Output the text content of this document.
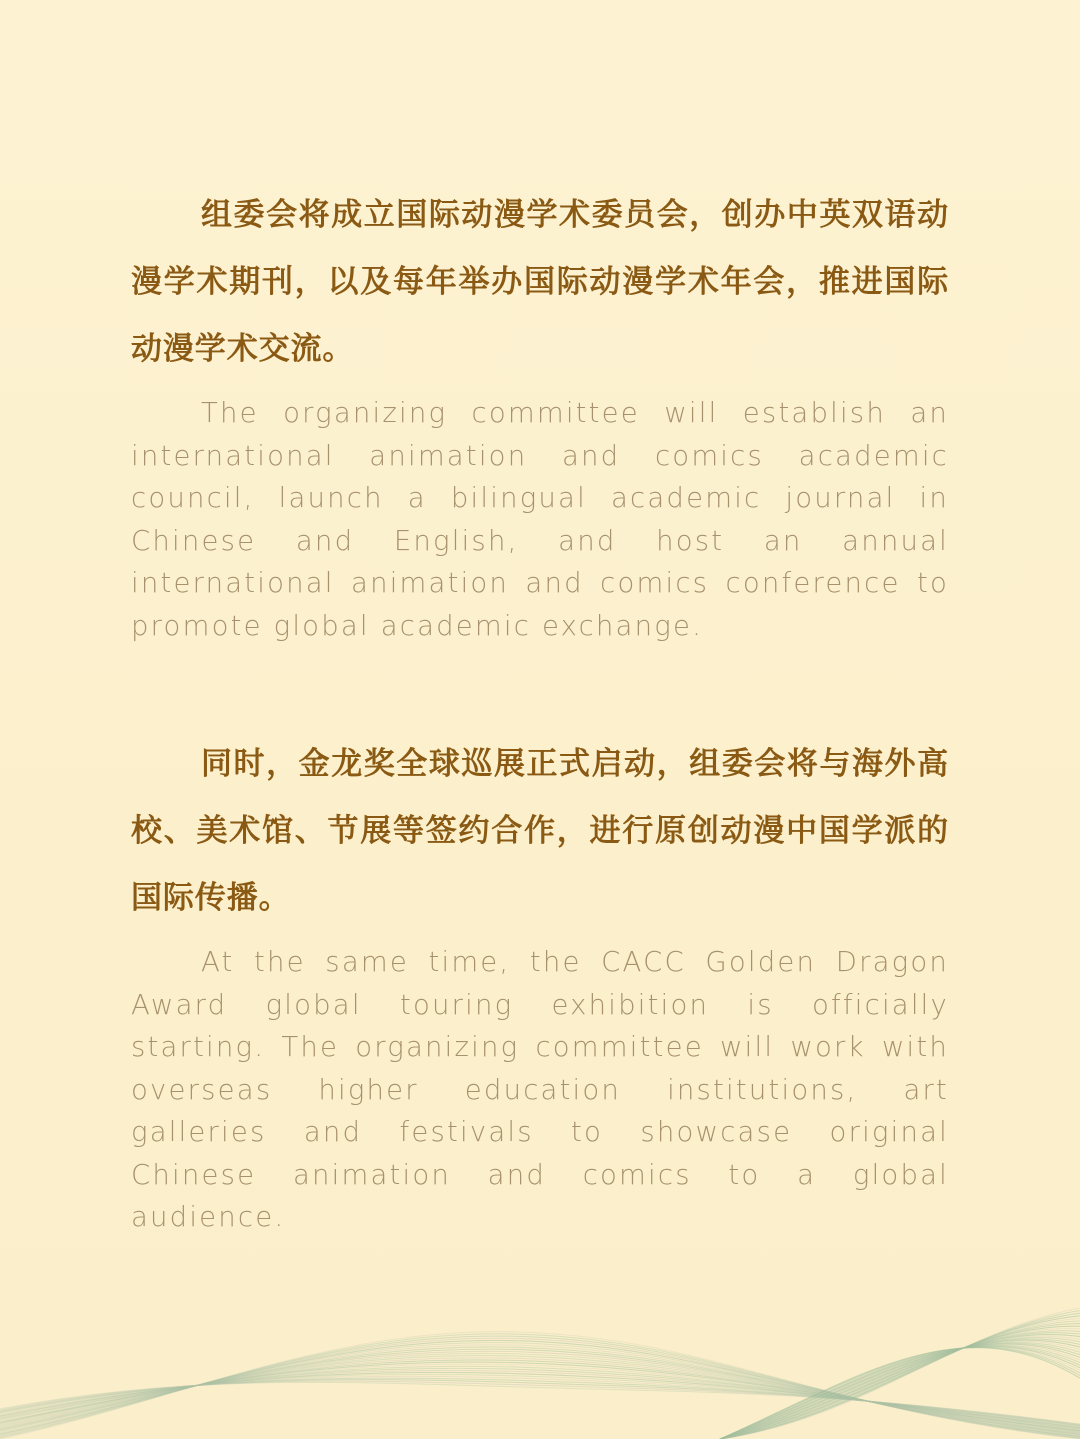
组委会将成立国际动漫学术委员会，创办中英双语动漫学术期刊，以及每年举办国际动漫学术年会，推进国际动漫学术交流。

The organizing committee will establish an international animation and comics academic council, launch a bilingual academic journal in Chinese and English, and host an annual international animation and comics conference to promote global academic exchange.

同时，金龙奖全球巡展正式启动，组委会将与海外高校、美术馆、节展等签约合作，进行原创动漫中国学派的国际传播。

At the same time, the CACC Golden Dragon Award global touring exhibition is officially starting. The organizing committee will work with overseas higher education institutions, art galleries and festivals to showcase original Chinese animation and comics to a global audience.
